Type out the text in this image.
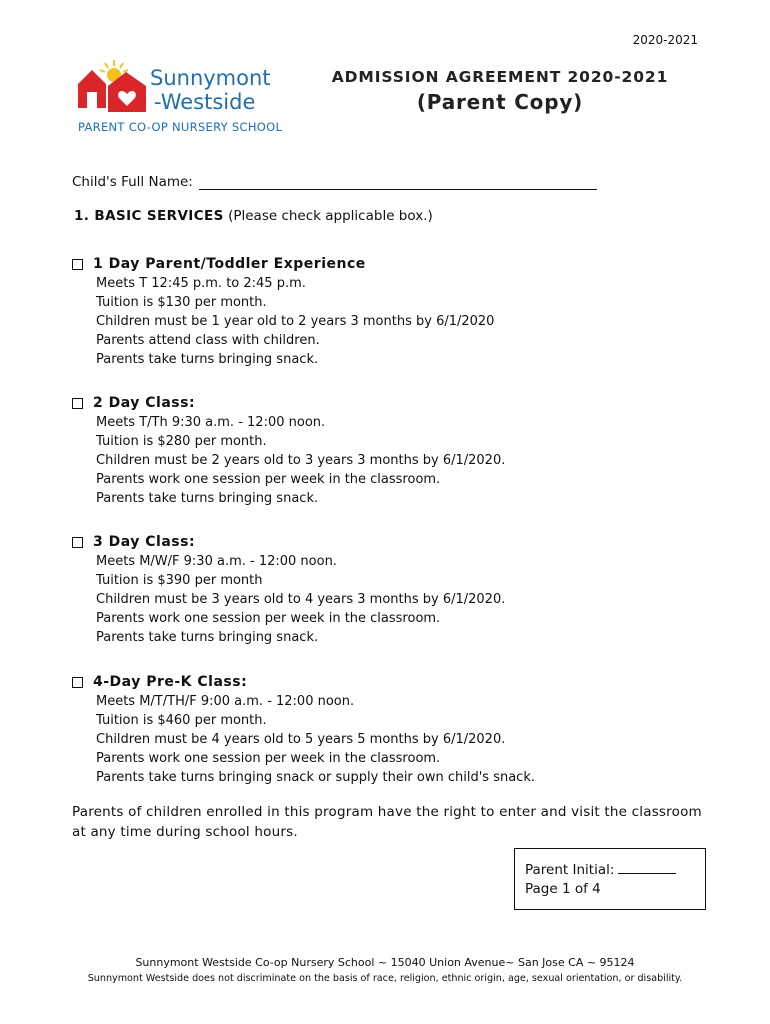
2020-2021
Sunnymont
-Westside
PARENT CO-OP NURSERY SCHOOL
ADMISSION AGREEMENT 2020-2021
(Parent Copy)
Child's Full Name:
1. BASIC SERVICES (Please check applicable box.)
1 Day Parent/Toddler Experience
Meets T 12:45 p.m. to 2:45 p.m.
Tuition is $130 per month.
Children must be 1 year old to 2 years 3 months by 6/1/2020
Parents attend class with children.
Parents take turns bringing snack.
2 Day Class:
Meets T/Th 9:30 a.m. - 12:00 noon.
Tuition is $280 per month.
Children must be 2 years old to 3 years 3 months by 6/1/2020.
Parents work one session per week in the classroom.
Parents take turns bringing snack.
3 Day Class:
Meets M/W/F 9:30 a.m. - 12:00 noon.
Tuition is $390 per month
Children must be 3 years old to 4 years 3 months by 6/1/2020.
Parents work one session per week in the classroom.
Parents take turns bringing snack.
4-Day Pre-K Class:
Meets M/T/TH/F 9:00 a.m. - 12:00 noon.
Tuition is $460 per month.
Children must be 4 years old to 5 years 5 months by 6/1/2020.
Parents work one session per week in the classroom.
Parents take turns bringing snack or supply their own child's snack.
Parents of children enrolled in this program have the right to enter and visit the classroom at any time during school hours.
Parent Initial:
Page 1 of 4
Sunnymont Westside Co-op Nursery School ~ 15040 Union Avenue~ San Jose CA ~ 95124
Sunnymont Westside does not discriminate on the basis of race, religion, ethnic origin, age, sexual orientation, or disability.
